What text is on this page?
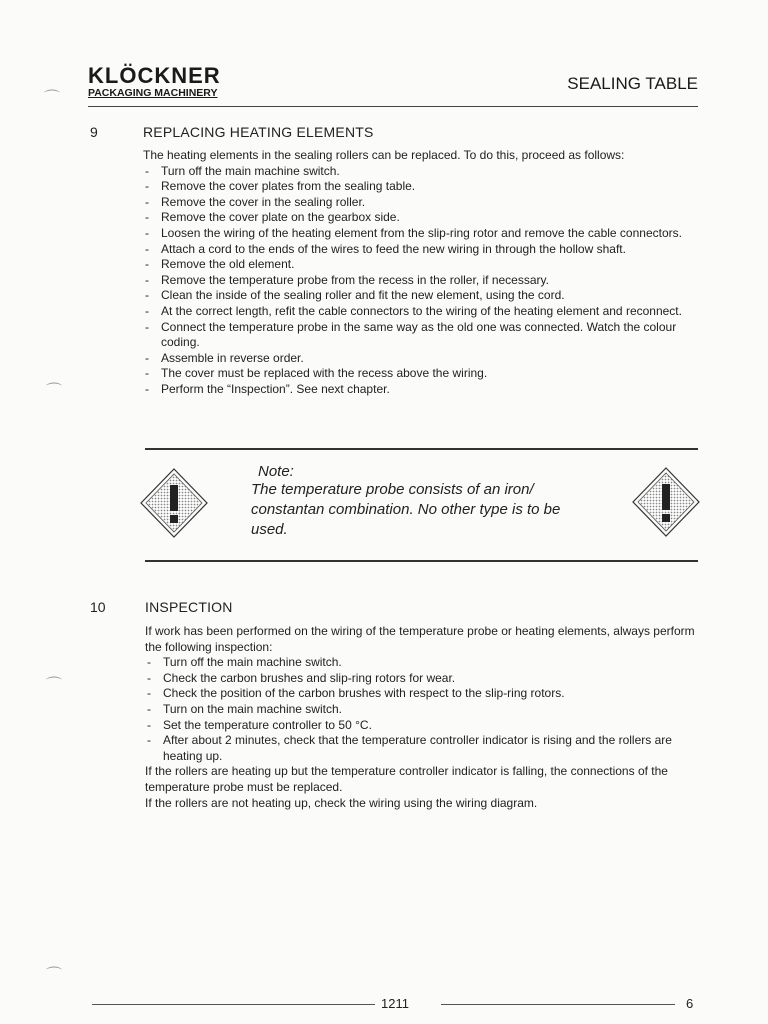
KLÖCKNER
PACKAGING MACHINERY	SEALING TABLE
⌒
⌒
⌒
⌒
9	REPLACING HEATING ELEMENTS

The heating elements in the sealing rollers can be replaced. To do this, proceed as follows:

- Turn off the main machine switch.
- Remove the cover plates from the sealing table.
- Remove the cover in the sealing roller.
- Remove the cover plate on the gearbox side.
- Loosen the wiring of the heating element from the slip-ring rotor and remove the cable connectors.
- Attach a cord to the ends of the wires to feed the new wiring in through the hollow shaft.
- Remove the old element.
- Remove the temperature probe from the recess in the roller, if necessary.
- Clean the inside of the sealing roller and fit the new element, using the cord.
- At the correct length, refit the cable connectors to the wiring of the heating element and reconnect.
- Connect the temperature probe in the same way as the old one was connected. Watch the colour coding.
- Assemble in reverse order.
- The cover must be replaced with the recess above the wiring.
- Perform the “Inspection”. See next chapter.
Note:
The temperature probe consists of an iron/ constantan combination. No other type is to be used.
10	INSPECTION

If work has been performed on the wiring of the temperature probe or heating elements, always perform the following inspection:

- Turn off the main machine switch.
- Check the carbon brushes and slip-ring rotors for wear.
- Check the position of the carbon brushes with respect to the slip-ring rotors.
- Turn on the main machine switch.
- Set the temperature controller to 50 °C.
- After about 2 minutes, check that the temperature controller indicator is rising and the rollers are heating up.

If the rollers are heating up but the temperature controller indicator is falling, the connections of the temperature probe must be replaced.

If the rollers are not heating up, check the wiring using the wiring diagram.

1211	6
